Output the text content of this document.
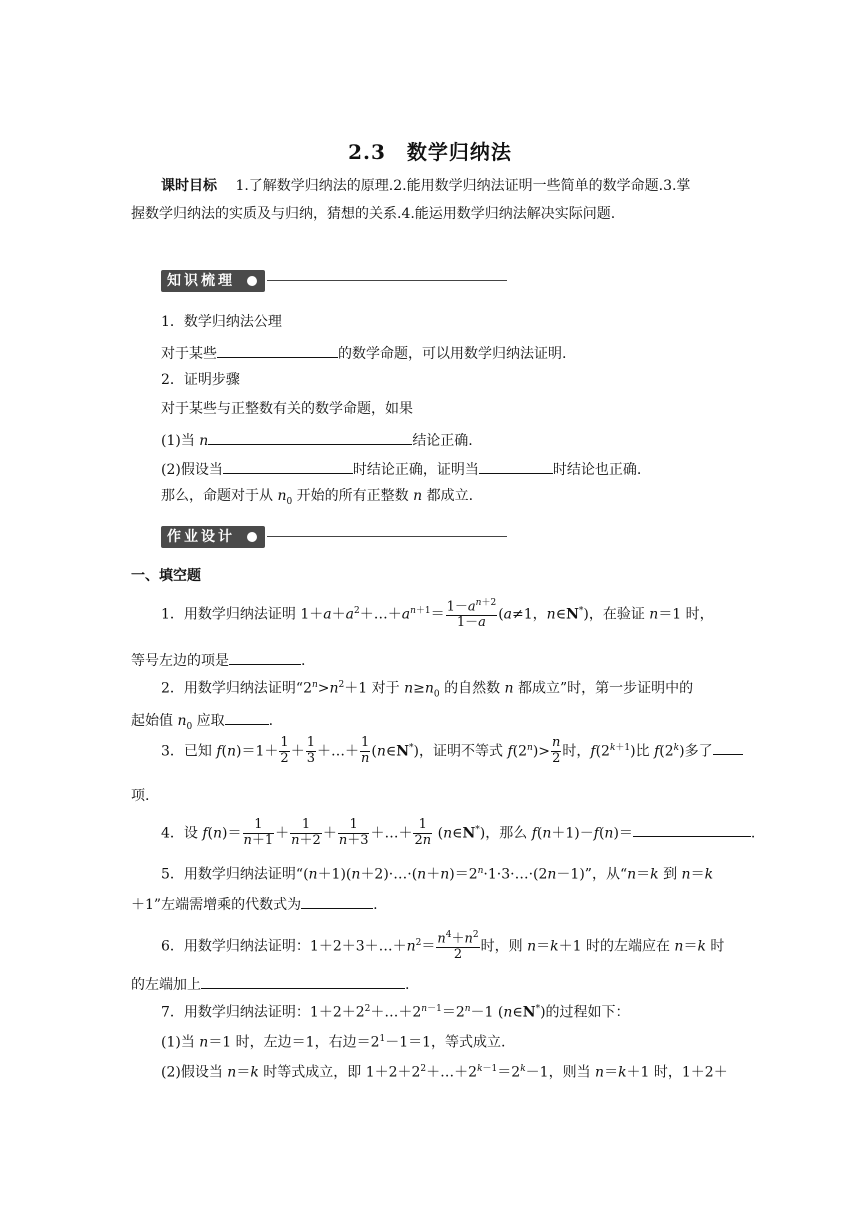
2.3　数学归纳法
课时目标 1.了解数学归纳法的原理.2.能用数学归纳法证明一些简单的数学命题.3.掌
握数学归纳法的实质及与归纳，猜想的关系.4.能运用数学归纳法解决实际问题.
知识梳理
1．数学归纳法公理
对于某些	的数学命题，可以用数学归纳法证明.
2．证明步骤
对于某些与正整数有关的数学命题，如果
(1)当 n	结论正确.
(2)假设当	时结论正确，证明当	时结论也正确.
那么，命题对于从 $n_0$ 开始的所有正整数 n 都成立.
作业设计
一、填空题
1．用数学归纳法证明 $1+a+a^2+\dots+a^{n+1}= \frac{1-a^{n+2}}{1-a} (a\ne 1$，n∈N*)，在验证 n＝1 时，
等号左边的项是	.
2．用数学归纳法证明“$2^n>n^2+1$ 对于 $n\ge n_0$ 的自然数 n 都成立”时，第一步证明中的
起始值 $n_0$ 应取	.
3．已知 $f(n)=1+ \frac{1}{2} + \frac{1}{3}$ ＋…＋ $\frac{1}{n}$ (n∈N*)，证明不等式 $f(2^n)> \frac{n}{2}$ 时，$f(2^{k+1})$比 f(2$^k$)多了
项.
4．设 $f(n)= \frac{1}{n+1} + \frac{1}{n+2} + \frac{1}{n+3}$ ＋…＋ $\frac{1}{2n}$ (n∈N*)，那么 f(n＋1)－f(n)＝	.
5．用数学归纳法证明“$(n+1)(n+2)\cdot\dots\cdot(n+n)=2^n\cdot 1\cdot 3\cdot\dots\cdot(2n-1)$”，从“n＝k 到 n＝k
＋1”左端需增乘的代数式为	.
6．用数学归纳法证明：$1+2+3+\dots+n^2= \frac{n^4+n^2}{2}$ 时，则 n＝k＋1 时的左端应在 n＝k 时
的左端加上	.
7．用数学归纳法证明：$1+2+2^2+\dots+2^{n-1}=2^n-1$ (n∈N*)的过程如下：
(1)当 n＝1 时，左边＝1，右边$=2^1-1=1$，等式成立.
(2)假设当 n＝k 时等式成立，即 $1+2+2^2+\dots+2^{k-1}=2^k-1$，则当 n＝k＋1 时，1＋2＋
